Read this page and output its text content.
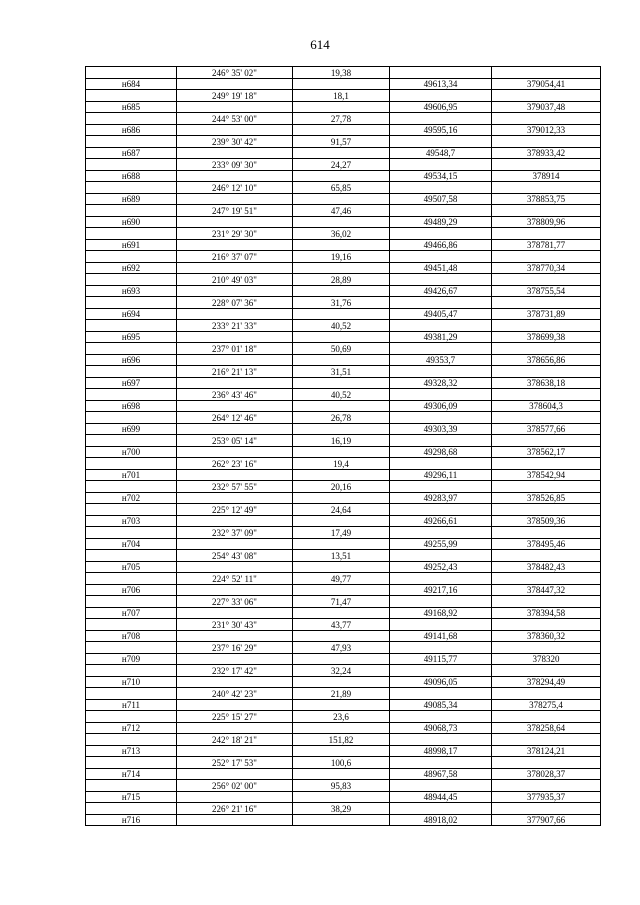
614
	246° 35' 02"	19,38		
н684			49613,34	379054,41
	249° 19' 18"	18,1		
н685			49606,95	379037,48
	244° 53' 00"	27,78		
н686			49595,16	379012,33
	239° 30' 42"	91,57		
н687			49548,7	378933,42
	233° 09' 30"	24,27		
н688			49534,15	378914
	246° 12' 10"	65,85		
н689			49507,58	378853,75
	247° 19' 51"	47,46		
н690			49489,29	378809,96
	231° 29' 30"	36,02		
н691			49466,86	378781,77
	216° 37' 07"	19,16		
н692			49451,48	378770,34
	210° 49' 03"	28,89		
н693			49426,67	378755,54
	228° 07' 36"	31,76		
н694			49405,47	378731,89
	233° 21' 33"	40,52		
н695			49381,29	378699,38
	237° 01' 18"	50,69		
н696			49353,7	378656,86
	216° 21' 13"	31,51		
н697			49328,32	378638,18
	236° 43' 46"	40,52		
н698			49306,09	378604,3
	264° 12' 46"	26,78		
н699			49303,39	378577,66
	253° 05' 14"	16,19		
н700			49298,68	378562,17
	262° 23' 16"	19,4		
н701			49296,11	378542,94
	232° 57' 55"	20,16		
н702			49283,97	378526,85
	225° 12' 49"	24,64		
н703			49266,61	378509,36
	232° 37' 09"	17,49		
н704			49255,99	378495,46
	254° 43' 08"	13,51		
н705			49252,43	378482,43
	224° 52' 11"	49,77		
н706			49217,16	378447,32
	227° 33' 06"	71,47		
н707			49168,92	378394,58
	231° 30' 43"	43,77		
н708			49141,68	378360,32
	237° 16' 29"	47,93		
н709			49115,77	378320
	232° 17' 42"	32,24		
н710			49096,05	378294,49
	240° 42' 23"	21,89		
н711			49085,34	378275,4
	225° 15' 27"	23,6		
н712			49068,73	378258,64
	242° 18' 21"	151,82		
н713			48998,17	378124,21
	252° 17' 53"	100,6		
н714			48967,58	378028,37
	256° 02' 00"	95,83		
н715			48944,45	377935,37
	226° 21' 16"	38,29		
н716			48918,02	377907,66
